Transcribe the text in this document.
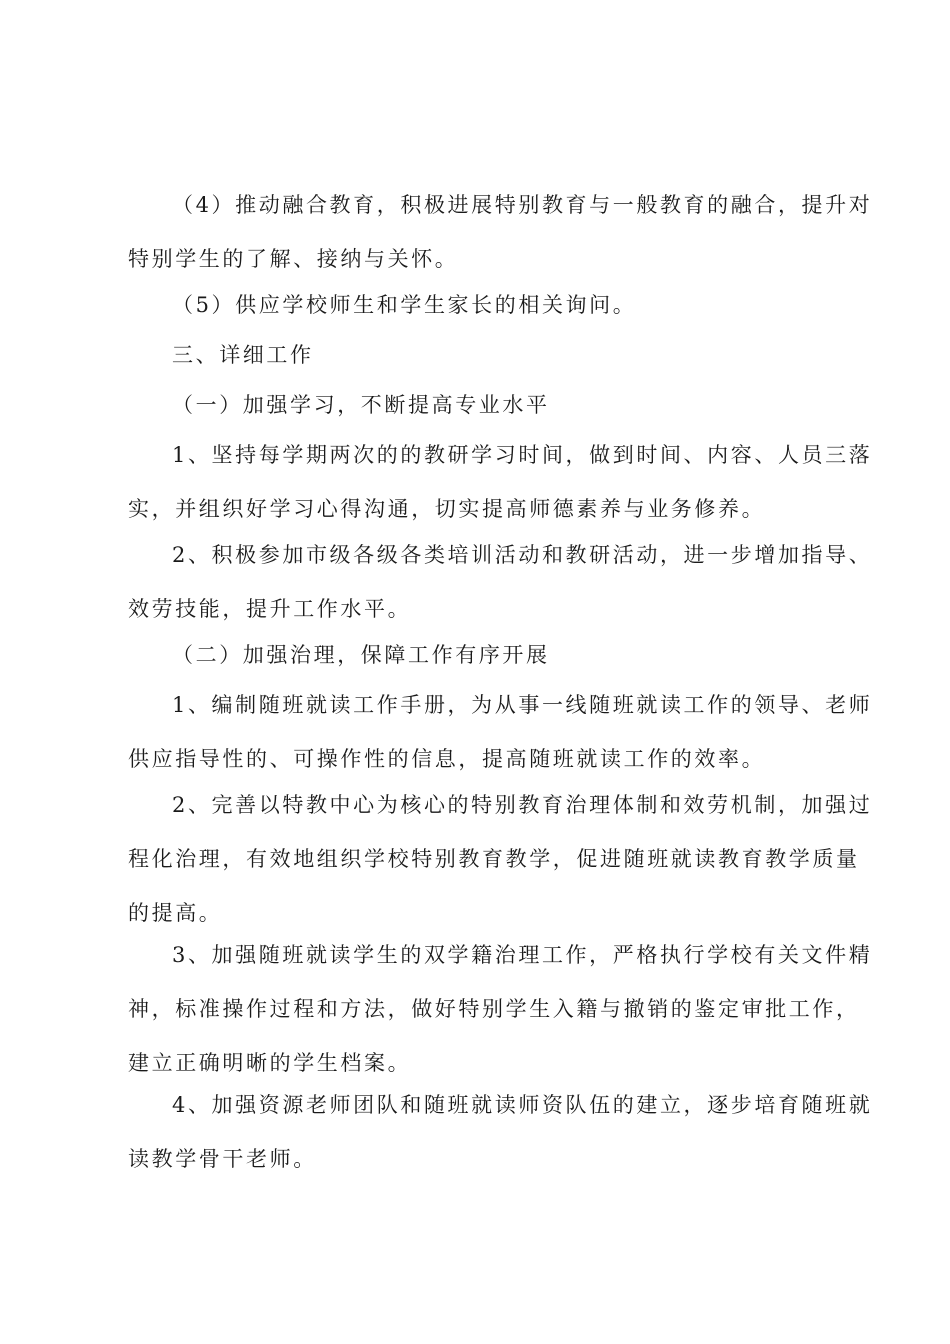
（4）推动融合教育，积极进展特别教育与一般教育的融合，提升对
特别学生的了解、接纳与关怀。

（5）供应学校师生和学生家长的相关询问。

三、详细工作

（一）加强学习，不断提高专业水平

1、坚持每学期两次的的教研学习时间，做到时间、内容、人员三落
实，并组织好学习心得沟通，切实提高师德素养与业务修养。

2、积极参加市级各级各类培训活动和教研活动，进一步增加指导、
效劳技能，提升工作水平。

（二）加强治理，保障工作有序开展

1、编制随班就读工作手册，为从事一线随班就读工作的领导、老师
供应指导性的、可操作性的信息，提高随班就读工作的效率。

2、完善以特教中心为核心的特别教育治理体制和效劳机制，加强过
程化治理，有效地组织学校特别教育教学，促进随班就读教育教学质量
的提高。

3、加强随班就读学生的双学籍治理工作，严格执行学校有关文件精
神，标准操作过程和方法，做好特别学生入籍与撤销的鉴定审批工作，
建立正确明晰的学生档案。

4、加强资源老师团队和随班就读师资队伍的建立，逐步培育随班就
读教学骨干老师。
